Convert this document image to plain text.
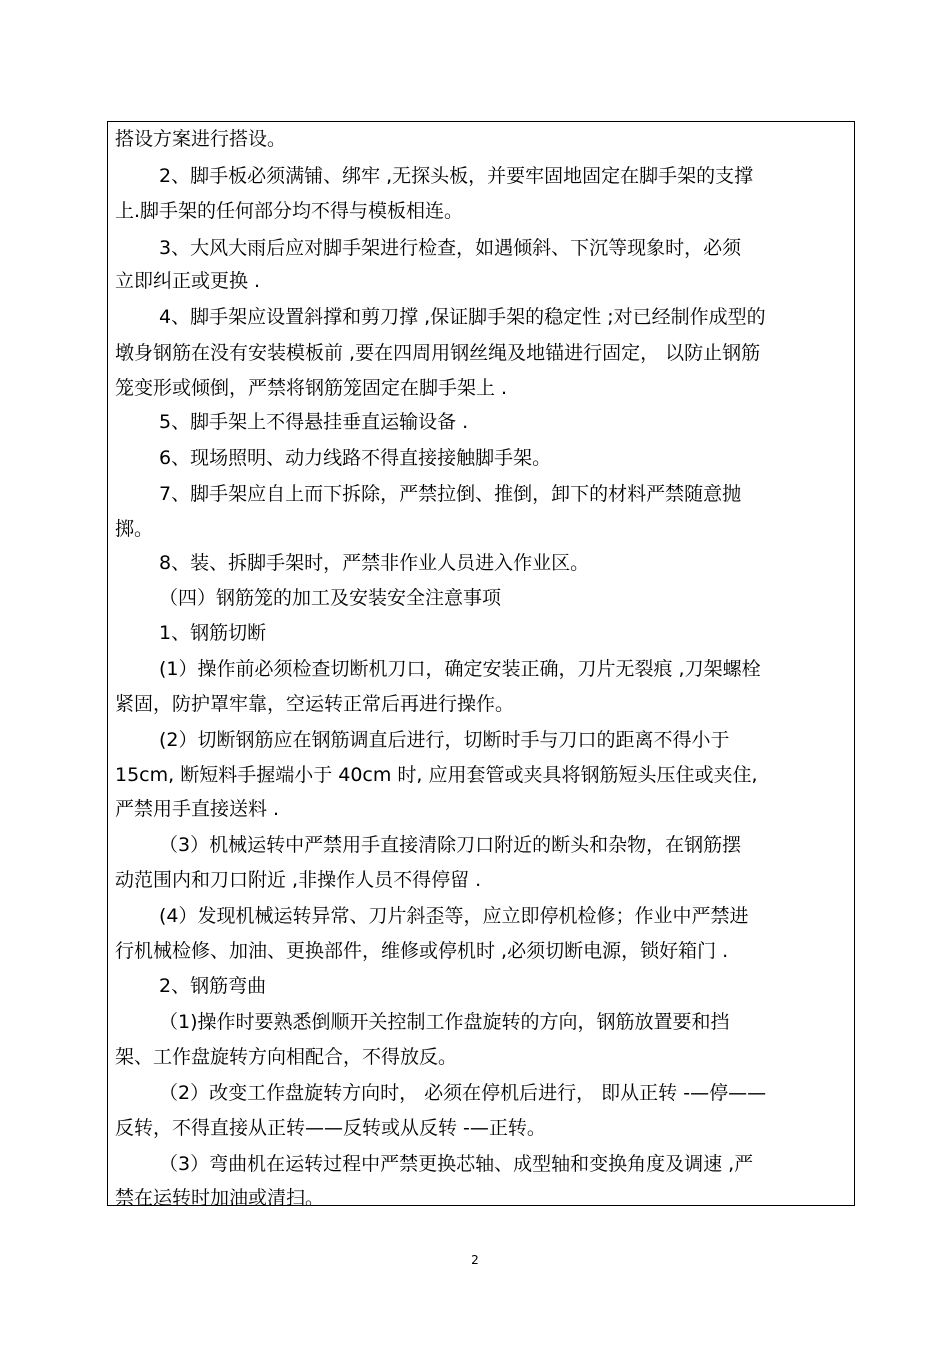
搭设方案进行搭设。
2、脚手板必须满铺、绑牢 ,无探头板，并要牢固地固定在脚手架的支撑
上.脚手架的任何部分均不得与模板相连。
3、大风大雨后应对脚手架进行检查，如遇倾斜、下沉等现象时，必须
立即纠正或更换 .
4、脚手架应设置斜撑和剪刀撑 ,保证脚手架的稳定性 ;对已经制作成型的
墩身钢筋在没有安装模板前 ,要在四周用钢丝绳及地锚进行固定， 以防止钢筋
笼变形或倾倒，严禁将钢筋笼固定在脚手架上 .
5、脚手架上不得悬挂垂直运输设备 .
6、现场照明、动力线路不得直接接触脚手架。
7、脚手架应自上而下拆除，严禁拉倒、推倒，卸下的材料严禁随意抛
掷。
8、装、拆脚手架时，严禁非作业人员进入作业区。
（四）钢筋笼的加工及安装安全注意事项
1、钢筋切断
(1）操作前必须检查切断机刀口，确定安装正确，刀片无裂痕 ,刀架螺栓
紧固，防护罩牢靠，空运转正常后再进行操作。
(2）切断钢筋应在钢筋调直后进行，切断时手与刀口的距离不得小于
15cm, 断短料手握端小于 40cm 时, 应用套管或夹具将钢筋短头压住或夹住,
严禁用手直接送料 .
（3）机械运转中严禁用手直接清除刀口附近的断头和杂物，在钢筋摆
动范围内和刀口附近 ,非操作人员不得停留 .
(4）发现机械运转异常、刀片斜歪等，应立即停机检修；作业中严禁进
行机械检修、加油、更换部件，维修或停机时 ,必须切断电源，锁好箱门 .
2、钢筋弯曲
（1)操作时要熟悉倒顺开关控制工作盘旋转的方向，钢筋放置要和挡
架、工作盘旋转方向相配合，不得放反。
（2）改变工作盘旋转方向时， 必须在停机后进行， 即从正转 -—停——
反转，不得直接从正转——反转或从反转 -—正转。
（3）弯曲机在运转过程中严禁更换芯轴、成型轴和变换角度及调速 ,严
禁在运转时加油或清扫。
2
